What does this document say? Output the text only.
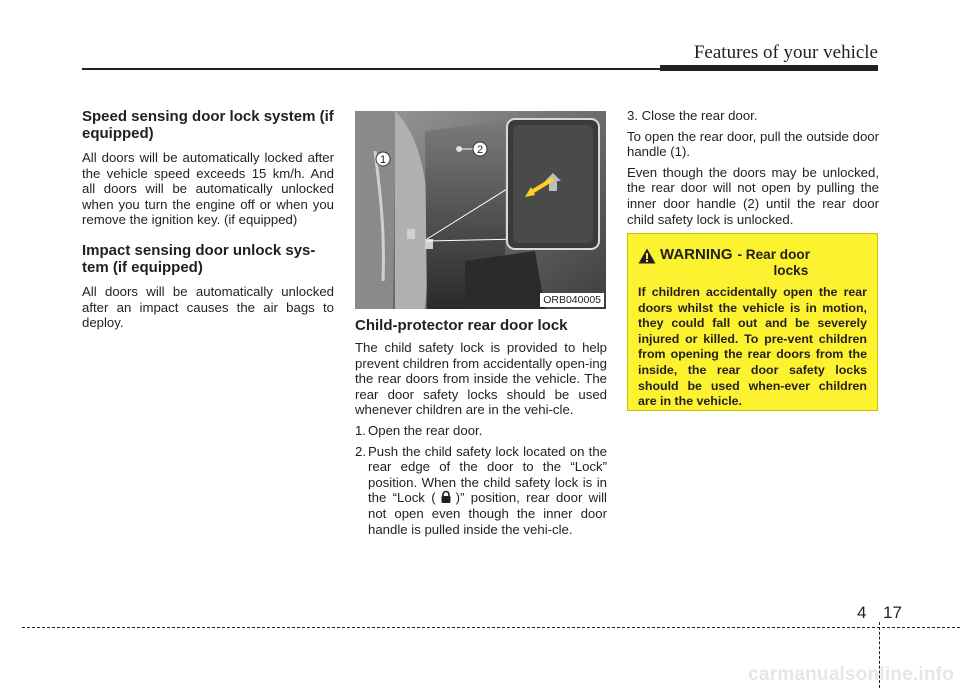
Features of your vehicle
Speed sensing door lock system (if equipped)

All doors will be automatically locked after the vehicle speed exceeds 15 km/h. And all doors will be automatically unlocked when you turn the engine off or when you remove the ignition key. (if equipped)

Impact sensing door unlock sys-tem (if equipped)

All doors will be automatically unlocked after an impact causes the air bags to deploy.

1
2
ORB040005
Child-protector rear door lock

The child safety lock is provided to help prevent children from accidentally open-ing the rear doors from inside the vehicle. The rear door safety locks should be used whenever children are in the vehi-cle.

1. Open the rear door.
2. Push the child safety lock located on the rear edge of the door to the “Lock” position. When the child safety lock is in the “Lock ( )” position, rear door will not open even though the inner door handle is pulled inside the vehi-cle.

3. Close the rear door.

To open the rear door, pull the outside door handle (1).

Even though the doors may be unlocked, the rear door will not open by pulling the inner door handle (2) until the rear door child safety lock is unlocked.

WARNING - Rear door
locks
If children accidentally open the rear doors whilst the vehicle is in motion, they could fall out and be severely injured or killed. To pre-vent children from opening the rear doors from the inside, the rear door safety locks should be used when-ever children are in the vehicle.
4 17
carmanualsonline.info
